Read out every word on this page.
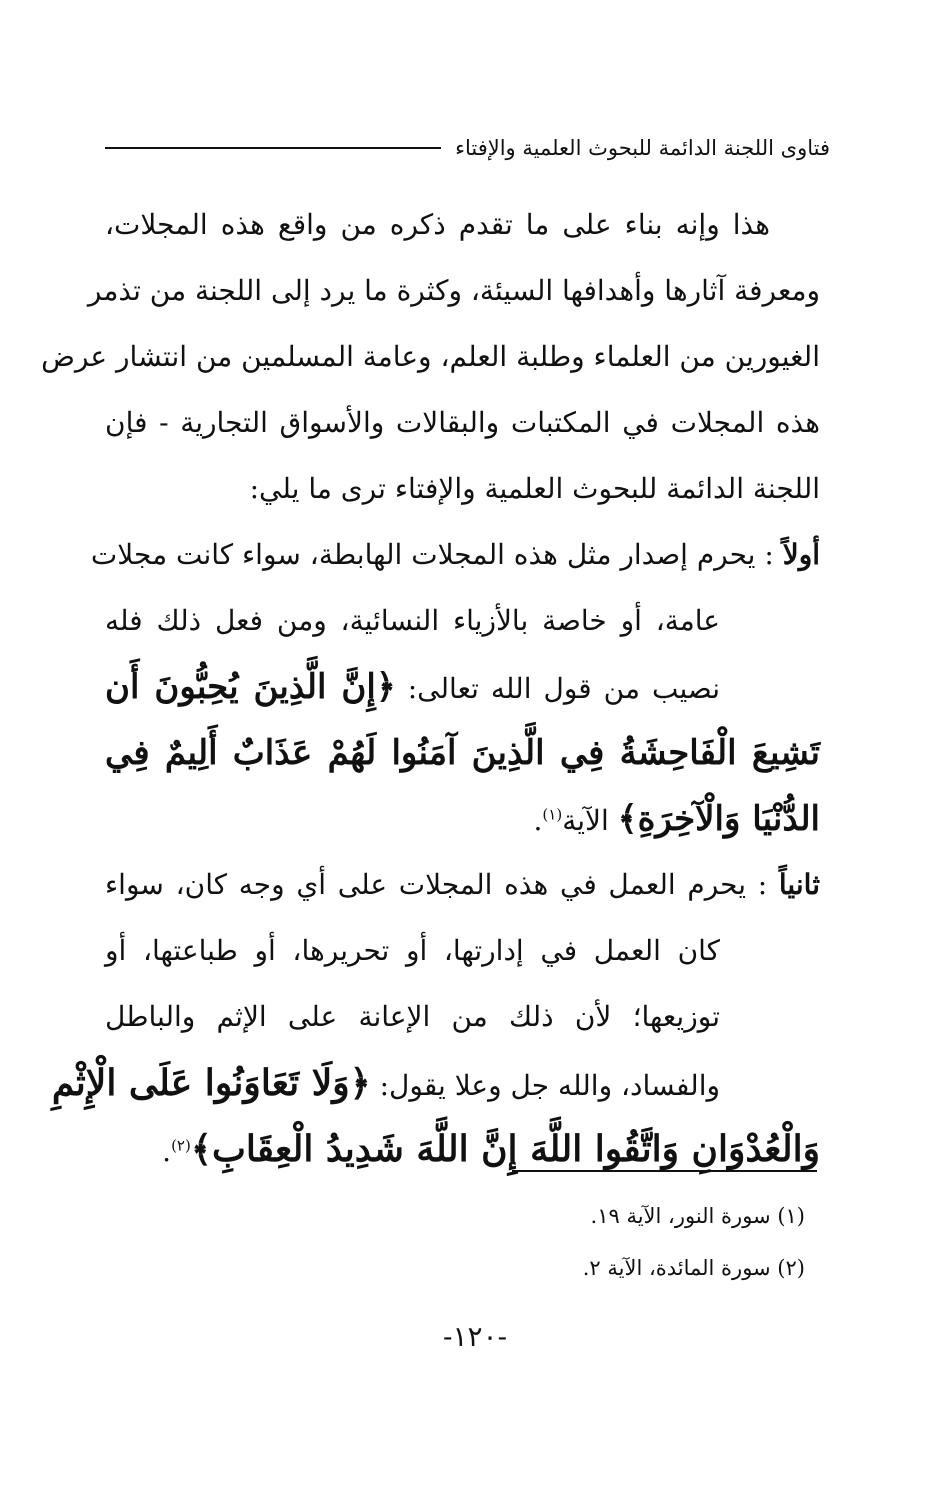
فتاوى اللجنة الدائمة للبحوث العلمية والإفتاء
هذا وإنه بناء على ما تقدم ذكره من واقع هذه المجلات،
ومعرفة آثارها وأهدافها السيئة، وكثرة ما يرد إلى اللجنة من تذمر
الغيورين من العلماء وطلبة العلم، وعامة المسلمين من انتشار عرض
هذه المجلات في المكتبات والبقالات والأسواق التجارية - فإن
اللجنة الدائمة للبحوث العلمية والإفتاء ترى ما يلي:
أولاً : يحرم إصدار مثل هذه المجلات الهابطة، سواء كانت مجلات
عامة، أو خاصة بالأزياء النسائية، ومن فعل ذلك فله
نصيب من قول الله تعالى: ﴿إِنَّ الَّذِينَ يُحِبُّونَ أَن
تَشِيعَ الْفَاحِشَةُ فِي الَّذِينَ آمَنُوا لَهُمْ عَذَابٌ أَلِيمٌ فِي
الدُّنْيَا وَالْآخِرَةِ﴾ الآية$^{(١)}$.
ثانياً : يحرم العمل في هذه المجلات على أي وجه كان، سواء
كان العمل في إدارتها، أو تحريرها، أو طباعتها، أو
توزيعها؛ لأن ذلك من الإعانة على الإثم والباطل
والفساد، والله جل وعلا يقول: ﴿وَلَا تَعَاوَنُوا عَلَى الْإِثْمِ
وَالْعُدْوَانِ وَاتَّقُوا اللَّهَ إِنَّ اللَّهَ شَدِيدُ الْعِقَابِ﴾$^{(٢)}$.
(١) سورة النور، الآية ١٩.
(٢) سورة المائدة، الآية ٢.
-١٢٠-
